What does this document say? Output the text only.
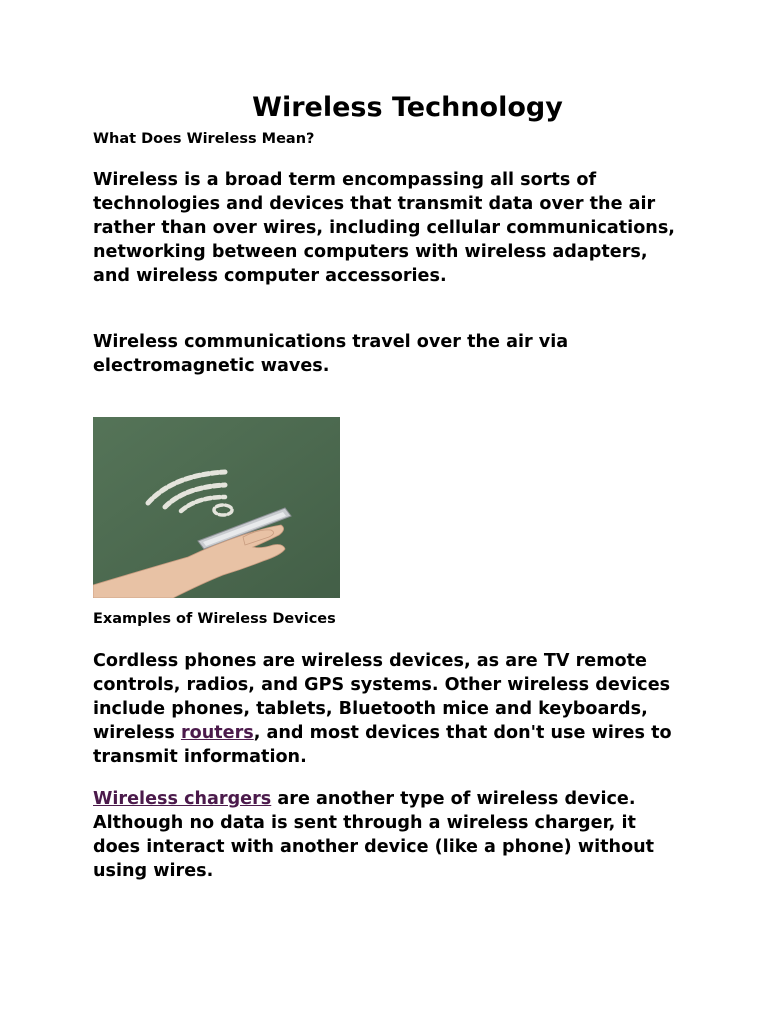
Wireless Technology

What Does Wireless Mean?

Wireless is a broad term encompassing all sorts of technologies and devices that transmit data over the air rather than over wires, including cellular communications, networking between computers with wireless adapters, and wireless computer accessories.

Wireless communications travel over the air via electromagnetic waves.

Examples of Wireless Devices

Cordless phones are wireless devices, as are TV remote controls, radios, and GPS systems. Other wireless devices include phones, tablets, Bluetooth mice and keyboards, wireless routers, and most devices that don't use wires to transmit information.

Wireless chargers are another type of wireless device. Although no data is sent through a wireless charger, it does interact with another device (like a phone) without using wires.
